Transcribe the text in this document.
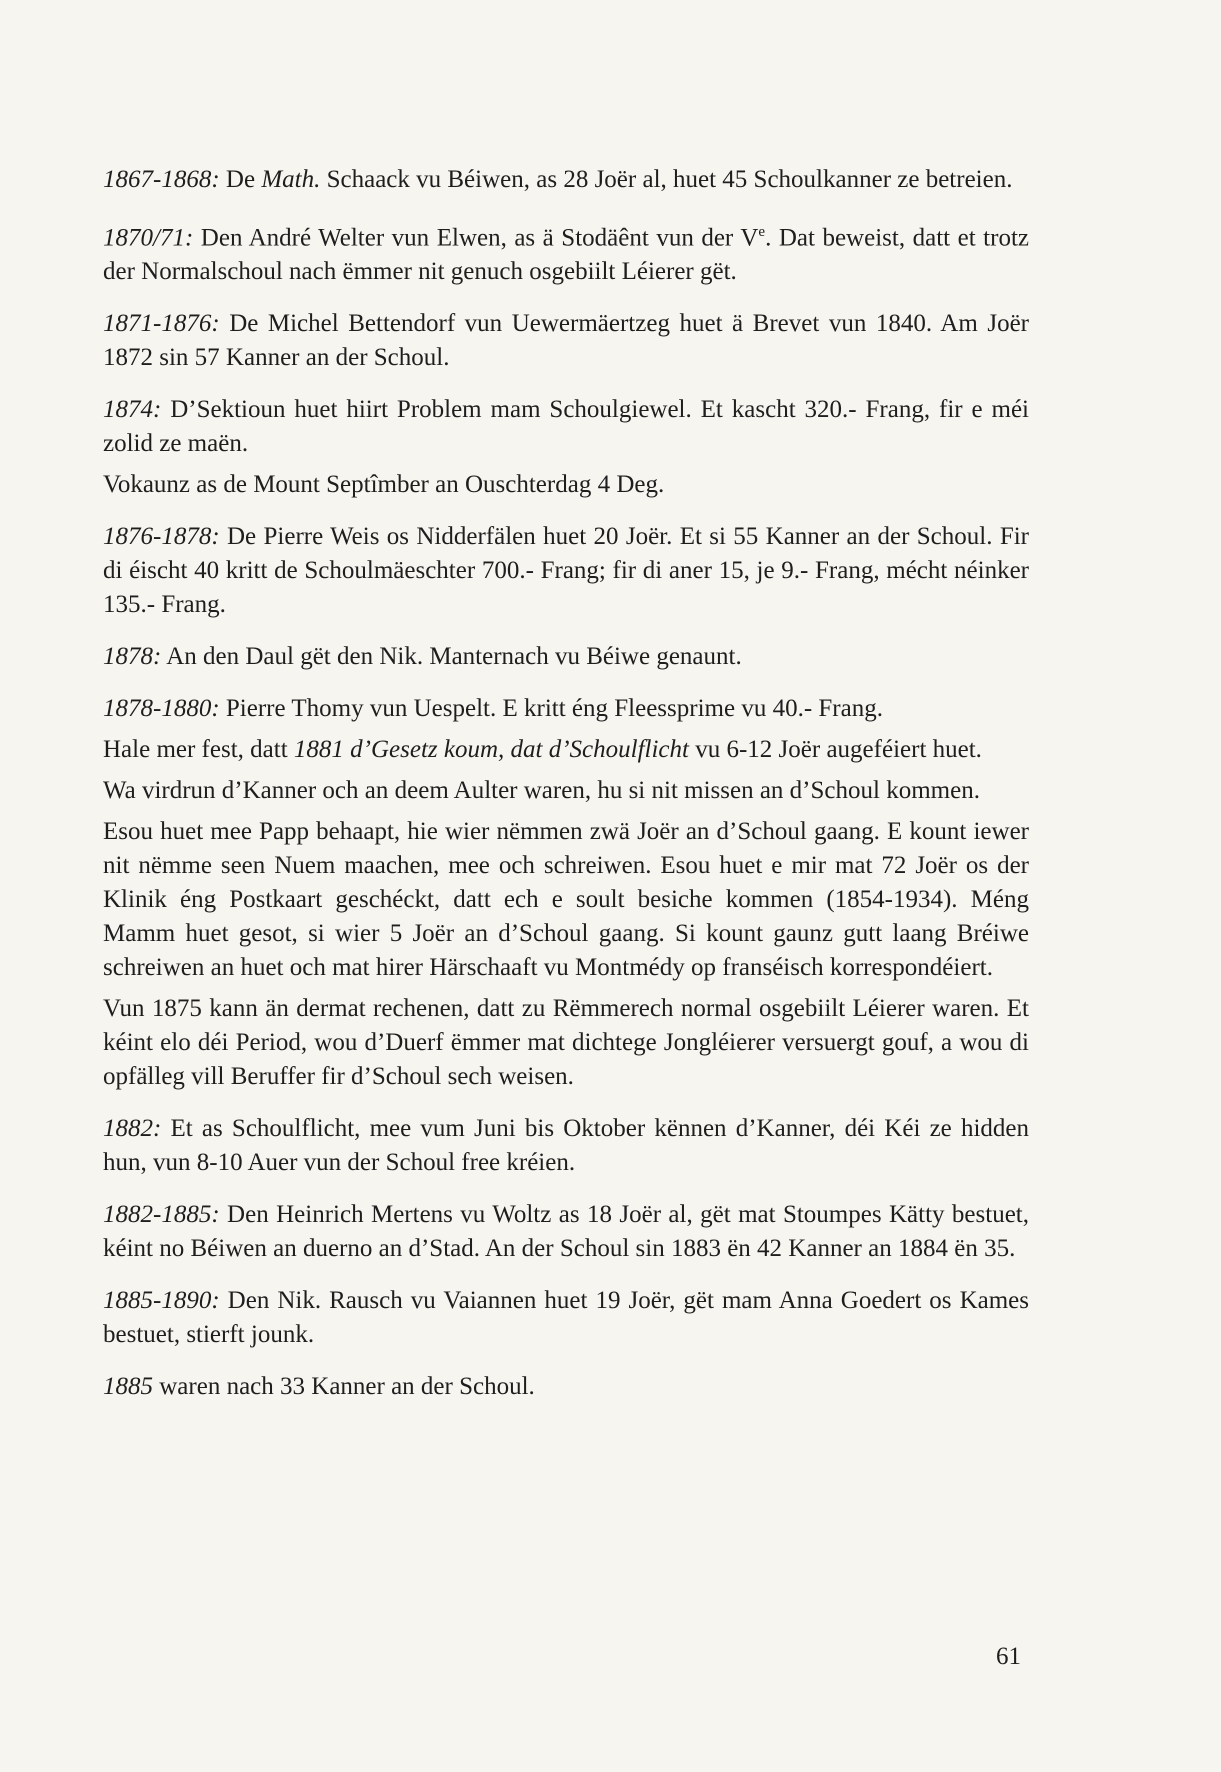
1867-1868: De Math. Schaack vu Béiwen, as 28 Joër al, huet 45 Schoulkanner ze betreien.

1870/71: Den André Welter vun Elwen, as ä Stodäênt vun der Ve. Dat beweist, datt et trotz der Normalschoul nach ëmmer nit genuch osgebiilt Léierer gët.

1871-1876: De Michel Bettendorf vun Uewermäertzeg huet ä Brevet vun 1840. Am Joër 1872 sin 57 Kanner an der Schoul.

1874: D’Sektioun huet hiirt Problem mam Schoulgiewel. Et kascht 320.- Frang, fir e méi zolid ze maën.

Vokaunz as de Mount Septîmber an Ouschterdag 4 Deg.

1876-1878: De Pierre Weis os Nidderfälen huet 20 Joër. Et si 55 Kanner an der Schoul. Fir di éischt 40 kritt de Schoulmäeschter 700.- Frang; fir di aner 15, je 9.- Frang, mécht néinker 135.- Frang.

1878: An den Daul gët den Nik. Manternach vu Béiwe genaunt.

1878-1880: Pierre Thomy vun Uespelt. E kritt éng Fleessprime vu 40.- Frang.

Hale mer fest, datt 1881 d’Gesetz koum, dat d’Schoulflicht vu 6-12 Joër augeféiert huet.

Wa virdrun d’Kanner och an deem Aulter waren, hu si nit missen an d’Schoul kommen.

Esou huet mee Papp behaapt, hie wier nëmmen zwä Joër an d’Schoul gaang. E kount iewer nit nëmme seen Nuem maachen, mee och schreiwen. Esou huet e mir mat 72 Joër os der Klinik éng Postkaart geschéckt, datt ech e soult besiche kommen (1854-1934). Méng Mamm huet gesot, si wier 5 Joër an d’Schoul gaang. Si kount gaunz gutt laang Bréiwe schreiwen an huet och mat hirer Härschaaft vu Montmédy op franséisch korrespondéiert.

Vun 1875 kann än dermat rechenen, datt zu Rëmmerech normal osgebiilt Léierer waren. Et kéint elo déi Period, wou d’Duerf ëmmer mat dichtege Jongléierer versuergt gouf, a wou di opfälleg vill Beruffer fir d’Schoul sech weisen.

1882: Et as Schoulflicht, mee vum Juni bis Oktober kënnen d’Kanner, déi Kéi ze hidden hun, vun 8-10 Auer vun der Schoul free kréien.

1882-1885: Den Heinrich Mertens vu Woltz as 18 Joër al, gët mat Stoumpes Kätty bestuet, kéint no Béiwen an duerno an d’Stad. An der Schoul sin 1883 ën 42 Kanner an 1884 ën 35.

1885-1890: Den Nik. Rausch vu Vaiannen huet 19 Joër, gët mam Anna Goedert os Kames bestuet, stierft jounk.

1885 waren nach 33 Kanner an der Schoul.

61
